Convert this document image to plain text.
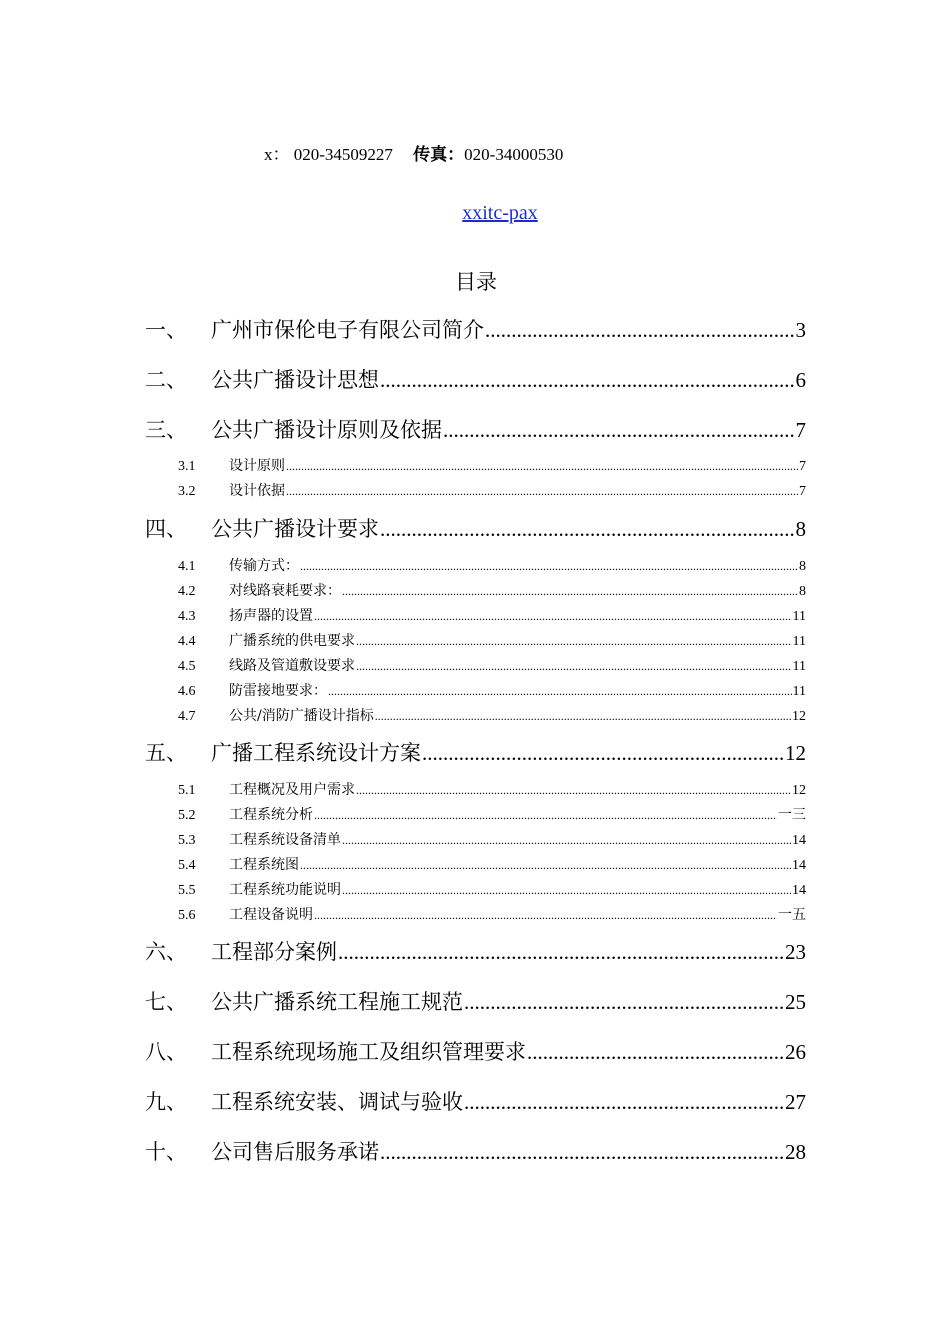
x： 020-34509227 传真：020-34000530
xxitc-pax
目录
一、	广州市保伦电子有限公司简介 .....	3
二、	公共广播设计思想 .....	6
三、	公共广播设计原则及依据 .....	7
3.1	设计原则 .....	7
3.2	设计依据 .....	7
四、	公共广播设计要求 .....	8
4.1	传输方式： .....	8
4.2	对线路衰耗要求： .....	8
4.3	扬声器的设置 .....	11
4.4	广播系统的供电要求 .....	11
4.5	线路及管道敷设要求 .....	11
4.6	防雷接地要求： .....	11
4.7	公共/消防广播设计指标 .....	12
五、	广播工程系统设计方案 .....	12
5.1	工程概况及用户需求 .....	12
5.2	工程系统分析 .....	一三
5.3	工程系统设备清单 .....	14
5.4	工程系统图 .....	14
5.5	工程系统功能说明 .....	14
5.6	工程设备说明 .....	一五
六、	工程部分案例 .....	23
七、	公共广播系统工程施工规范 .....	25
八、	工程系统现场施工及组织管理要求 .....	26
九、	工程系统安装、调试与验收 .....	27
十、	公司售后服务承诺 .....	28
